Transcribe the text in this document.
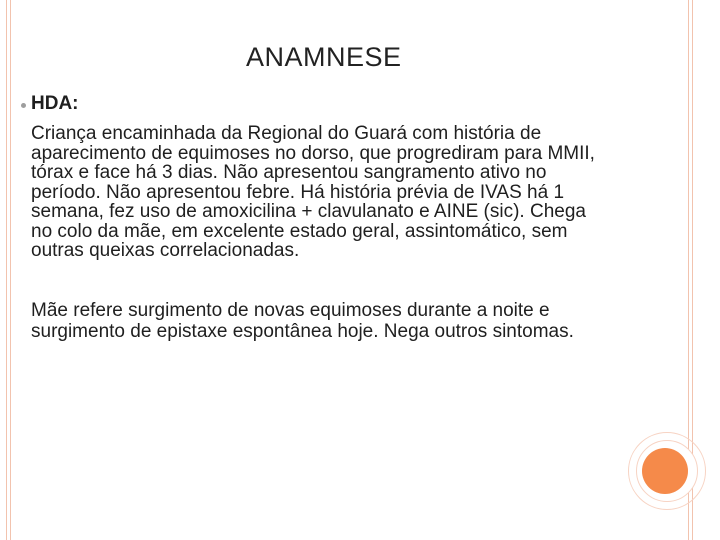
ANAMNESE
HDA:
Criança encaminhada da Regional do Guará com história de
aparecimento de equimoses no dorso, que progrediram para MMII,
tórax e face há 3 dias. Não apresentou sangramento ativo no
período. Não apresentou febre. Há história prévia de IVAS há 1
semana, fez uso de amoxicilina + clavulanato e AINE (sic). Chega
no colo da mãe, em excelente estado geral, assintomático, sem
outras queixas correlacionadas.
Mãe refere surgimento de novas equimoses durante a noite e
surgimento de epistaxe espontânea hoje. Nega outros sintomas.
